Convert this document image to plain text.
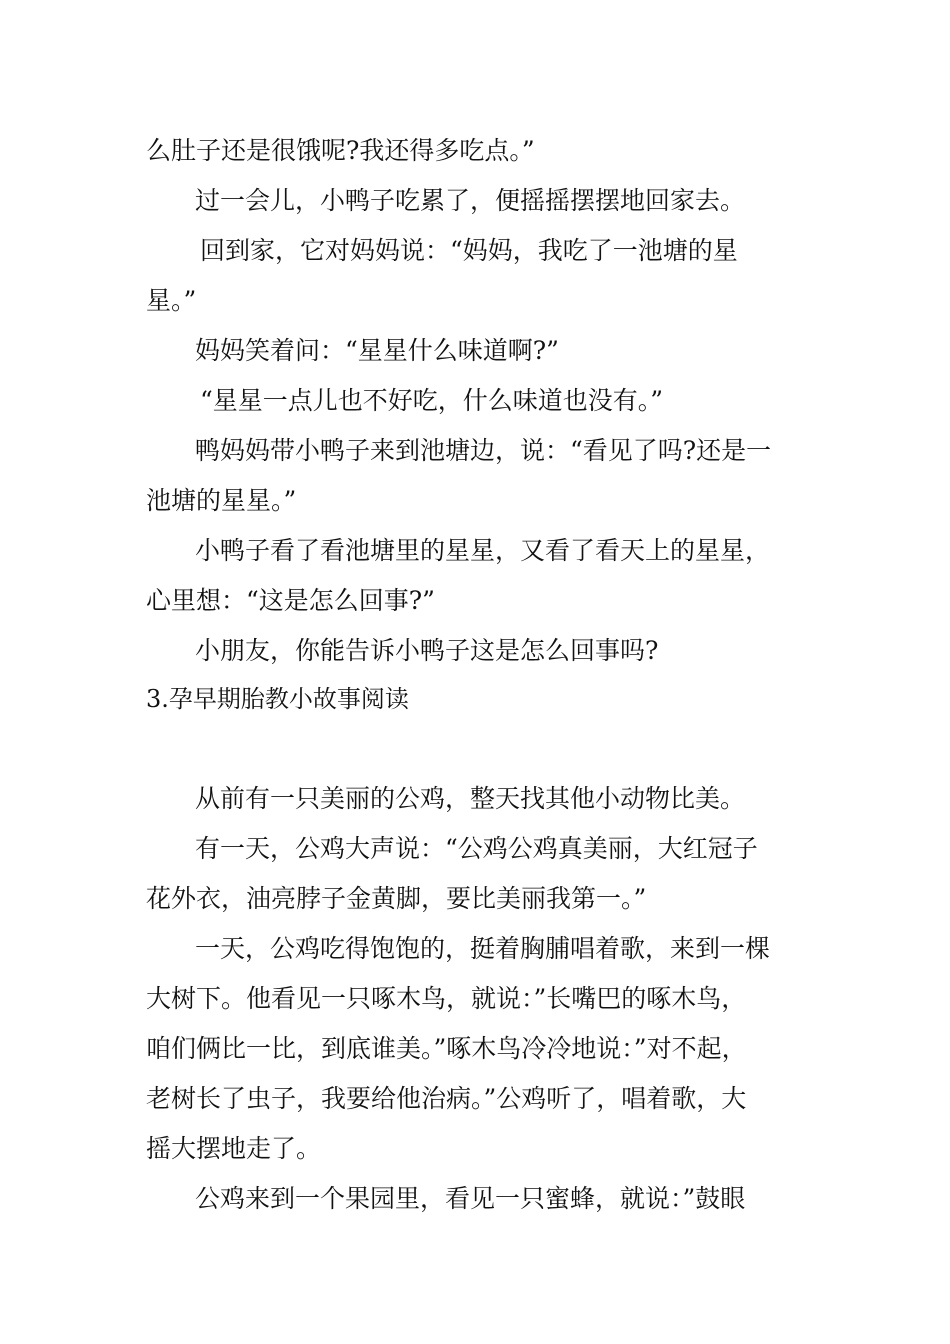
么肚子还是很饿呢?我还得多吃点。”
过一会儿，小鸭子吃累了，便摇摇摆摆地回家去。
回到家，它对妈妈说：“妈妈，我吃了一池塘的星
星。”
妈妈笑着问：“星星什么味道啊?”
“星星一点儿也不好吃，什么味道也没有。”
鸭妈妈带小鸭子来到池塘边，说：“看见了吗?还是一
池塘的星星。”
小鸭子看了看池塘里的星星，又看了看天上的星星，
心里想：“这是怎么回事?”
小朋友，你能告诉小鸭子这是怎么回事吗?
3.孕早期胎教小故事阅读
从前有一只美丽的公鸡，整天找其他小动物比美。
有一天，公鸡大声说：“公鸡公鸡真美丽，大红冠子
花外衣，油亮脖子金黄脚，要比美丽我第一。”
一天，公鸡吃得饱饱的，挺着胸脯唱着歌，来到一棵
大树下。他看见一只啄木鸟，就说：”长嘴巴的啄木鸟，
咱们俩比一比，到底谁美。”啄木鸟冷冷地说：”对不起，
老树长了虫子，我要给他治病。”公鸡听了，唱着歌，大
摇大摆地走了。
公鸡来到一个果园里，看见一只蜜蜂，就说：”鼓眼
